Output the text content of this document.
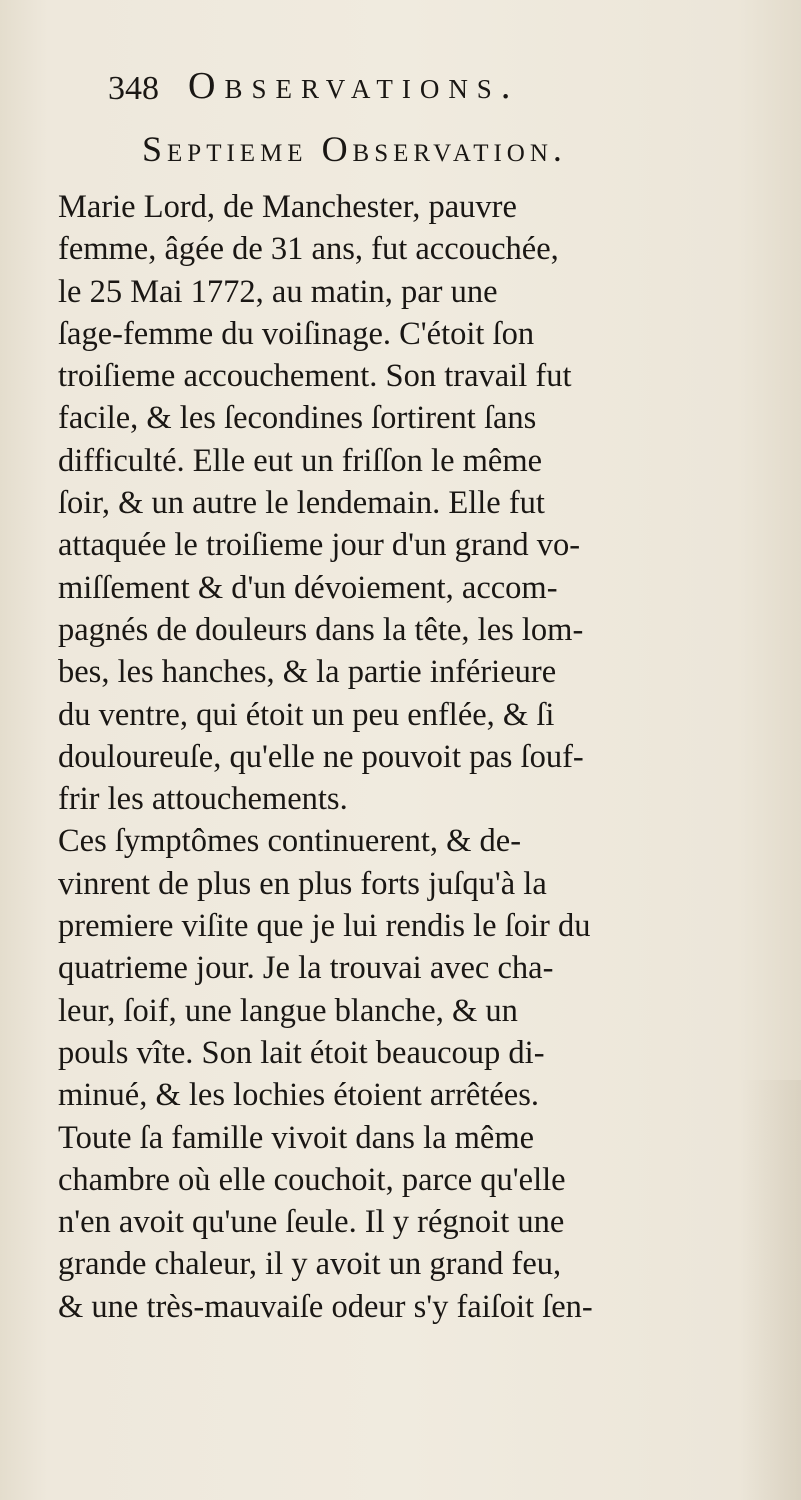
348 Observations.
Septieme Observation.
Marie Lord, de Manchester, pauvre
femme, âgée de 31 ans, fut accouchée,
le 25 Mai 1772, au matin, par une
ſage-femme du voiſinage. C'étoit ſon
troiſieme accouchement. Son travail fut
facile, & les ſecondines ſortirent ſans
difficulté. Elle eut un friſſon le même
ſoir, & un autre le lendemain. Elle fut
attaquée le troiſieme jour d'un grand vo-
miſſement & d'un dévoiement, accom-
pagnés de douleurs dans la tête, les lom-
bes, les hanches, & la partie inférieure
du ventre, qui étoit un peu enflée, & ſi
douloureuſe, qu'elle ne pouvoit pas ſouf-
frir les attouchements.
Ces ſymptômes continuerent, & de-
vinrent de plus en plus forts juſqu'à la
premiere viſite que je lui rendis le ſoir du
quatrieme jour. Je la trouvai avec cha-
leur, ſoif, une langue blanche, & un
pouls vîte. Son lait étoit beaucoup di-
minué, & les lochies étoient arrêtées.
Toute ſa famille vivoit dans la même
chambre où elle couchoit, parce qu'elle
n'en avoit qu'une ſeule. Il y régnoit une
grande chaleur, il y avoit un grand feu,
& une très-mauvaiſe odeur s'y faiſoit ſen-
